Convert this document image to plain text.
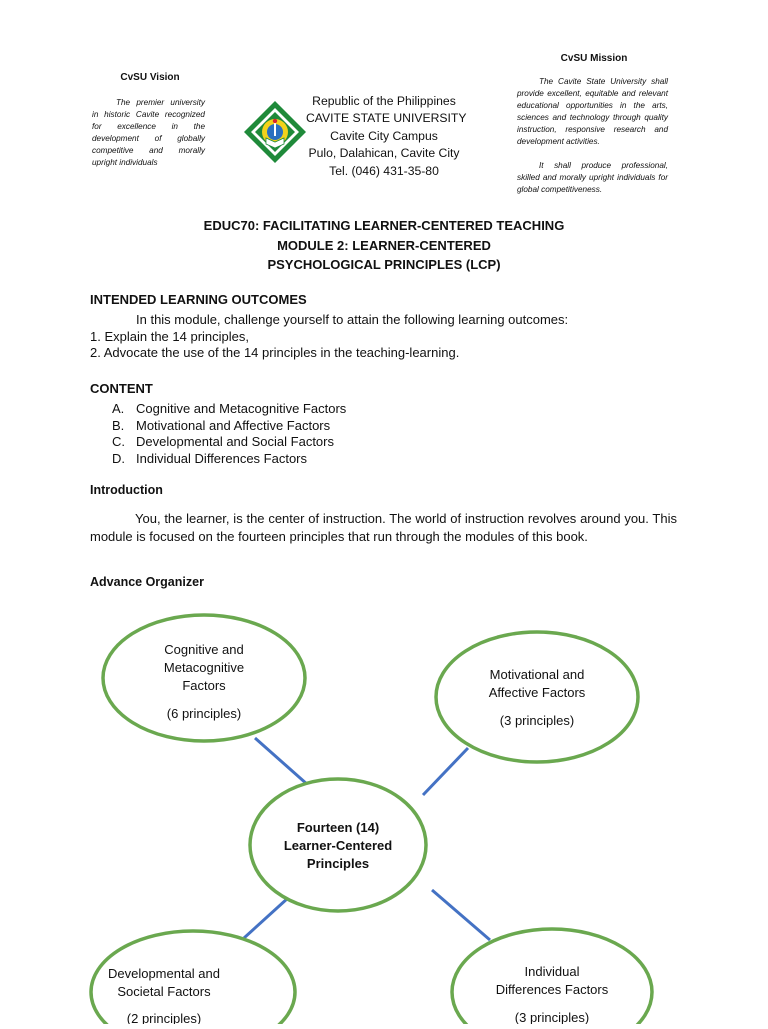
CvSU Vision
The premier university in historic Cavite recognized for excellence in the development of globally competitive and morally upright individuals
Republic of the Philippines
CAVITE STATE UNIVERSITY
Cavite City Campus
Pulo, Dalahican, Cavite City
Tel. (046) 431-35-80
CvSU Mission

The Cavite State University shall provide excellent, equitable and relevant educational opportunities in the arts, sciences and technology through quality instruction, responsive research and development activities.

It shall produce professional, skilled and morally upright individuals for global competitiveness.

EDUC70: FACILITATING LEARNER-CENTERED TEACHING
MODULE 2: LEARNER-CENTERED
PSYCHOLOGICAL PRINCIPLES (LCP)
INTENDED LEARNING OUTCOMES
In this module, challenge yourself to attain the following learning outcomes:
1. Explain the 14 principles,
2. Advocate the use of the 14 principles in the teaching-learning.
CONTENT
A. Cognitive and Metacognitive Factors
B. Motivational and Affective Factors
C. Developmental and Social Factors
D. Individual Differences Factors
Introduction
You, the learner, is the center of instruction. The world of instruction revolves around you. This module is focused on the fourteen principles that run through the modules of this book.
Advance Organizer
Cognitive and
Metacognitive
Factors
(6 principles)
Motivational and
Affective Factors
(3 principles)
Fourteen (14)
Learner-Centered
Principles
Developmental and
Societal Factors
(2 principles)
Individual
Differences Factors
(3 principles)
